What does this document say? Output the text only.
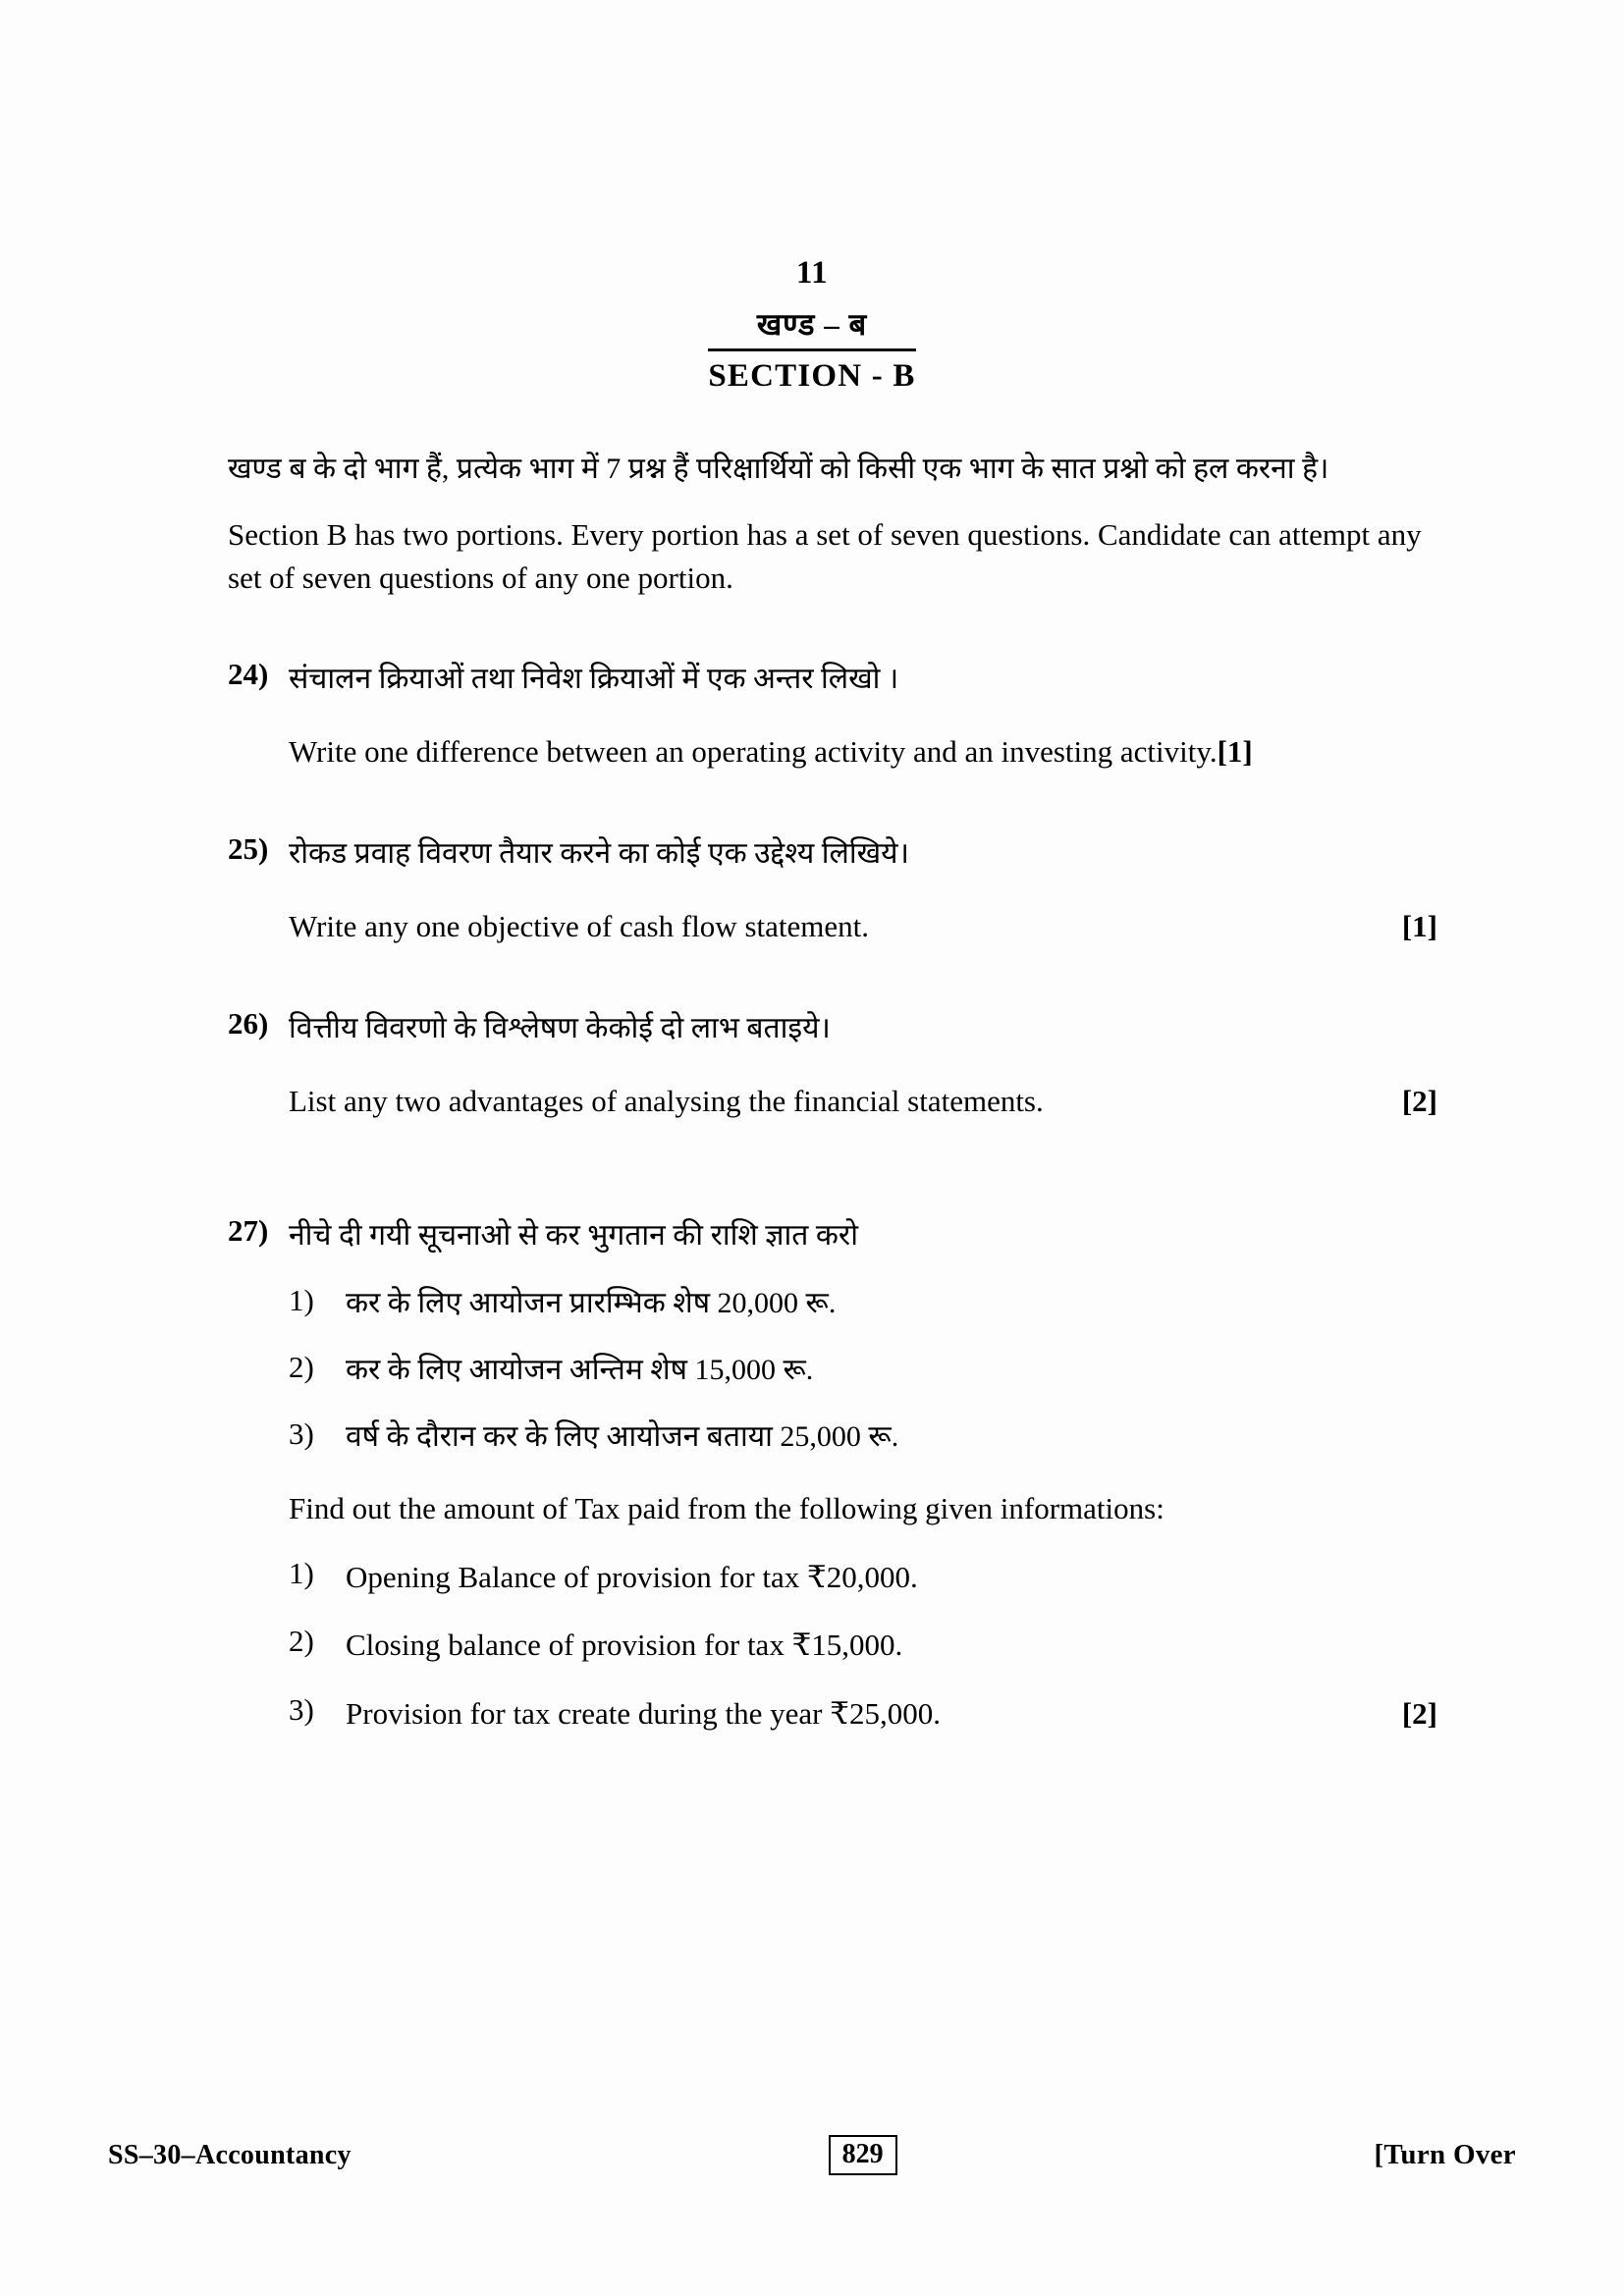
11
खण्ड – ब
SECTION - B
खण्ड ब के दो भाग हैं, प्रत्येक भाग में 7 प्रश्न हैं परिक्षार्थियों को किसी एक भाग के सात प्रश्नो को हल करना है।
Section B has two portions. Every portion has a set of seven questions. Candidate can attempt any set of seven questions of any one portion.
24) संचालन क्रियाओं तथा निवेश क्रियाओं में एक अन्तर लिखो ।
Write one difference between an operating activity and an investing activity.[1]
25) रोकड प्रवाह विवरण तैयार करने का कोई एक उद्देश्य लिखिये।
Write any one objective of cash flow statement.	[1]
26) वित्तीय विवरणो के विश्लेषण केकोई दो लाभ बताइये।
List any two advantages of analysing the financial statements.	[2]
27) नीचे दी गयी सूचनाओ से कर भुगतान की राशि ज्ञात करो
1) कर के लिए आयोजन प्रारम्भिक शेष 20,000 रू.
2) कर के लिए आयोजन अन्तिम शेष 15,000 रू.
3) वर्ष के दौरान कर के लिए आयोजन बताया 25,000 रू.
Find out the amount of Tax paid from the following given informations:
1) Opening Balance of provision for tax ₹20,000.
2) Closing balance of provision for tax ₹15,000.
3) Provision for tax create during the year ₹25,000.	[2]
SS–30–Accountancy	829	[Turn Over
